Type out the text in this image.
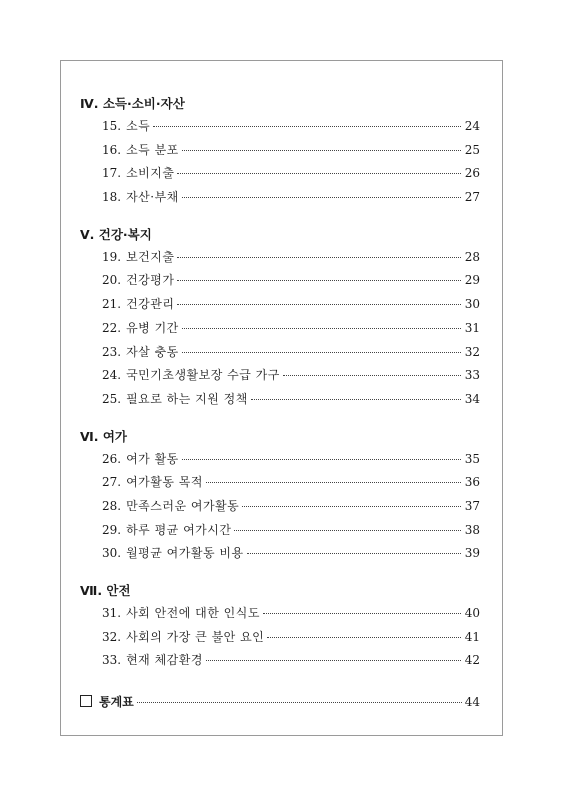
Ⅳ. 소득·소비·자산
15. 소득	24
16. 소득 분포	25
17. 소비지출	26
18. 자산·부채	27
Ⅴ. 건강·복지
19. 보건지출	28
20. 건강평가	29
21. 건강관리	30
22. 유병 기간	31
23. 자살 충동	32
24. 국민기초생활보장 수급 가구	33
25. 필요로 하는 지원 정책	34
Ⅵ. 여가
26. 여가 활동	35
27. 여가활동 목적	36
28. 만족스러운 여가활동	37
29. 하루 평균 여가시간	38
30. 월평균 여가활동 비용	39
Ⅶ. 안전
31. 사회 안전에 대한 인식도	40
32. 사회의 가장 큰 불안 요인	41
33. 현재 체감환경	42
통계표	44
